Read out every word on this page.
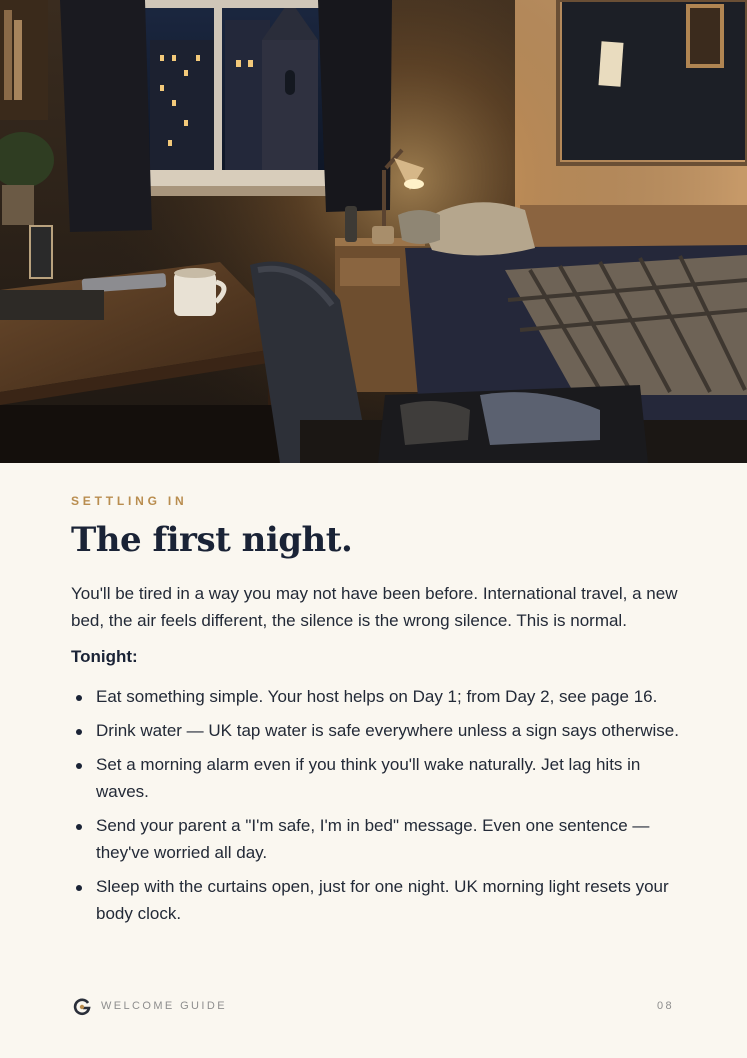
SETTLING IN
The first night.
You'll be tired in a way you may not have been before. International travel, a new bed, the air feels different, the silence is the wrong silence. This is normal.
Tonight:
Eat something simple. Your host helps on Day 1; from Day 2, see page 16.
Drink water — UK tap water is safe everywhere unless a sign says otherwise.
Set a morning alarm even if you think you'll wake naturally. Jet lag hits in waves.
Send your parent a "I'm safe, I'm in bed" message. Even one sentence — they've worried all day.
Sleep with the curtains open, just for one night. UK morning light resets your body clock.
WELCOME GUIDE	08
